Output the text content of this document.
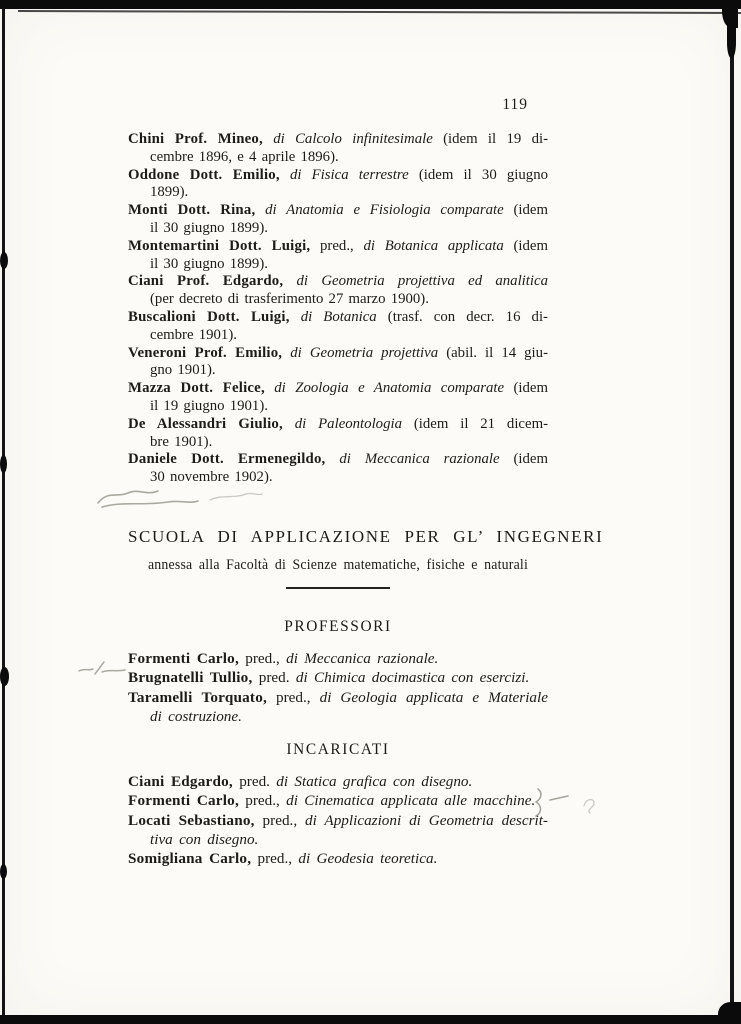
119
Chini Prof. Mineo, di Calcolo infinitesimale (idem il 19 di-
cembre 1896, e 4 aprile 1896).
Oddone Dott. Emilio, di Fisica terrestre (idem il 30 giugno
1899).
Monti Dott. Rina, di Anatomia e Fisiologia comparate (idem
il 30 giugno 1899).
Montemartini Dott. Luigi, pred., di Botanica applicata (idem
il 30 giugno 1899).
Ciani Prof. Edgardo, di Geometria projettiva ed analitica
(per decreto di trasferimento 27 marzo 1900).
Buscalioni Dott. Luigi, di Botanica (trasf. con decr. 16 di-
cembre 1901).
Veneroni Prof. Emilio, di Geometria projettiva (abil. il 14 giu-
gno 1901).
Mazza Dott. Felice, di Zoologia e Anatomia comparate (idem
il 19 giugno 1901).
De Alessandri Giulio, di Paleontologia (idem il 21 dicem-
bre 1901).
Daniele Dott. Ermenegildo, di Meccanica razionale (idem
30 novembre 1902).
SCUOLA DI APPLICAZIONE PER GL’ INGEGNERI
annessa alla Facoltà di Scienze matematiche, fisiche e naturali
PROFESSORI
Formenti Carlo, pred., di Meccanica razionale.
Brugnatelli Tullio, pred. di Chimica docimastica con esercizi.
Taramelli Torquato, pred., di Geologia applicata e Materiale
di costruzione.
INCARICATI
Ciani Edgardo, pred. di Statica grafica con disegno.
Formenti Carlo, pred., di Cinematica applicata alle macchine.
Locati Sebastiano, pred., di Applicazioni di Geometria descrit-
tiva con disegno.
Somigliana Carlo, pred., di Geodesia teoretica.
